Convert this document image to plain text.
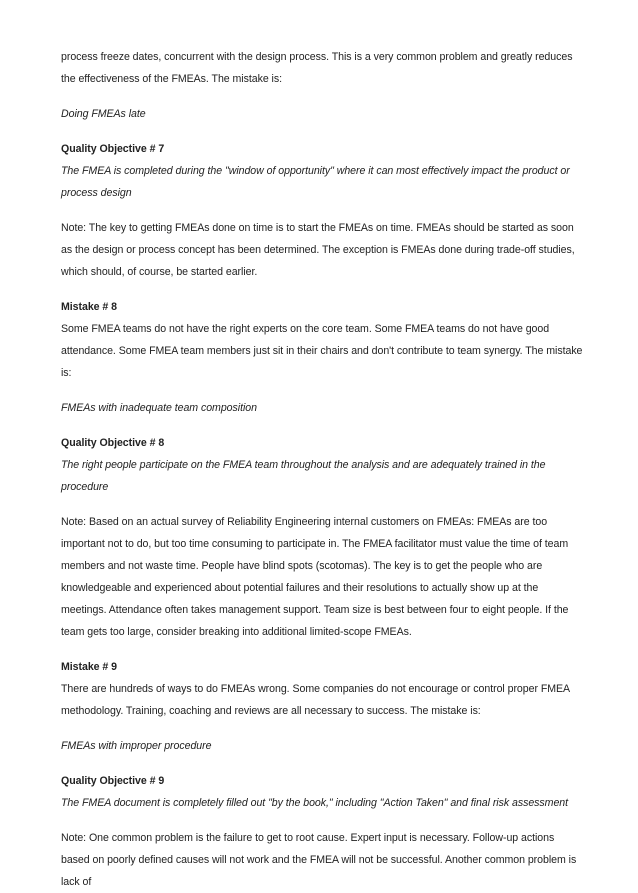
process freeze dates, concurrent with the design process. This is a very common problem and greatly reduces the effectiveness of the FMEAs. The mistake is:

Doing FMEAs late

Quality Objective # 7

The FMEA is completed during the "window of opportunity" where it can most effectively impact the product or process design

Note: The key to getting FMEAs done on time is to start the FMEAs on time. FMEAs should be started as soon as the design or process concept has been determined. The exception is FMEAs done during trade-off studies, which should, of course, be started earlier.

Mistake # 8

Some FMEA teams do not have the right experts on the core team. Some FMEA teams do not have good attendance. Some FMEA team members just sit in their chairs and don't contribute to team synergy. The mistake is:

FMEAs with inadequate team composition

Quality Objective # 8

The right people participate on the FMEA team throughout the analysis and are adequately trained in the procedure

Note: Based on an actual survey of Reliability Engineering internal customers on FMEAs: FMEAs are too important not to do, but too time consuming to participate in. The FMEA facilitator must value the time of team members and not waste time. People have blind spots (scotomas). The key is to get the people who are knowledgeable and experienced about potential failures and their resolutions to actually show up at the meetings. Attendance often takes management support. Team size is best between four to eight people. If the team gets too large, consider breaking into additional limited-scope FMEAs.

Mistake # 9

There are hundreds of ways to do FMEAs wrong. Some companies do not encourage or control proper FMEA methodology. Training, coaching and reviews are all necessary to success. The mistake is:

FMEAs with improper procedure

Quality Objective # 9

The FMEA document is completely filled out "by the book," including "Action Taken" and final risk assessment

Note: One common problem is the failure to get to root cause. Expert input is necessary. Follow-up actions based on poorly defined causes will not work and the FMEA will not be successful. Another common problem is lack of
